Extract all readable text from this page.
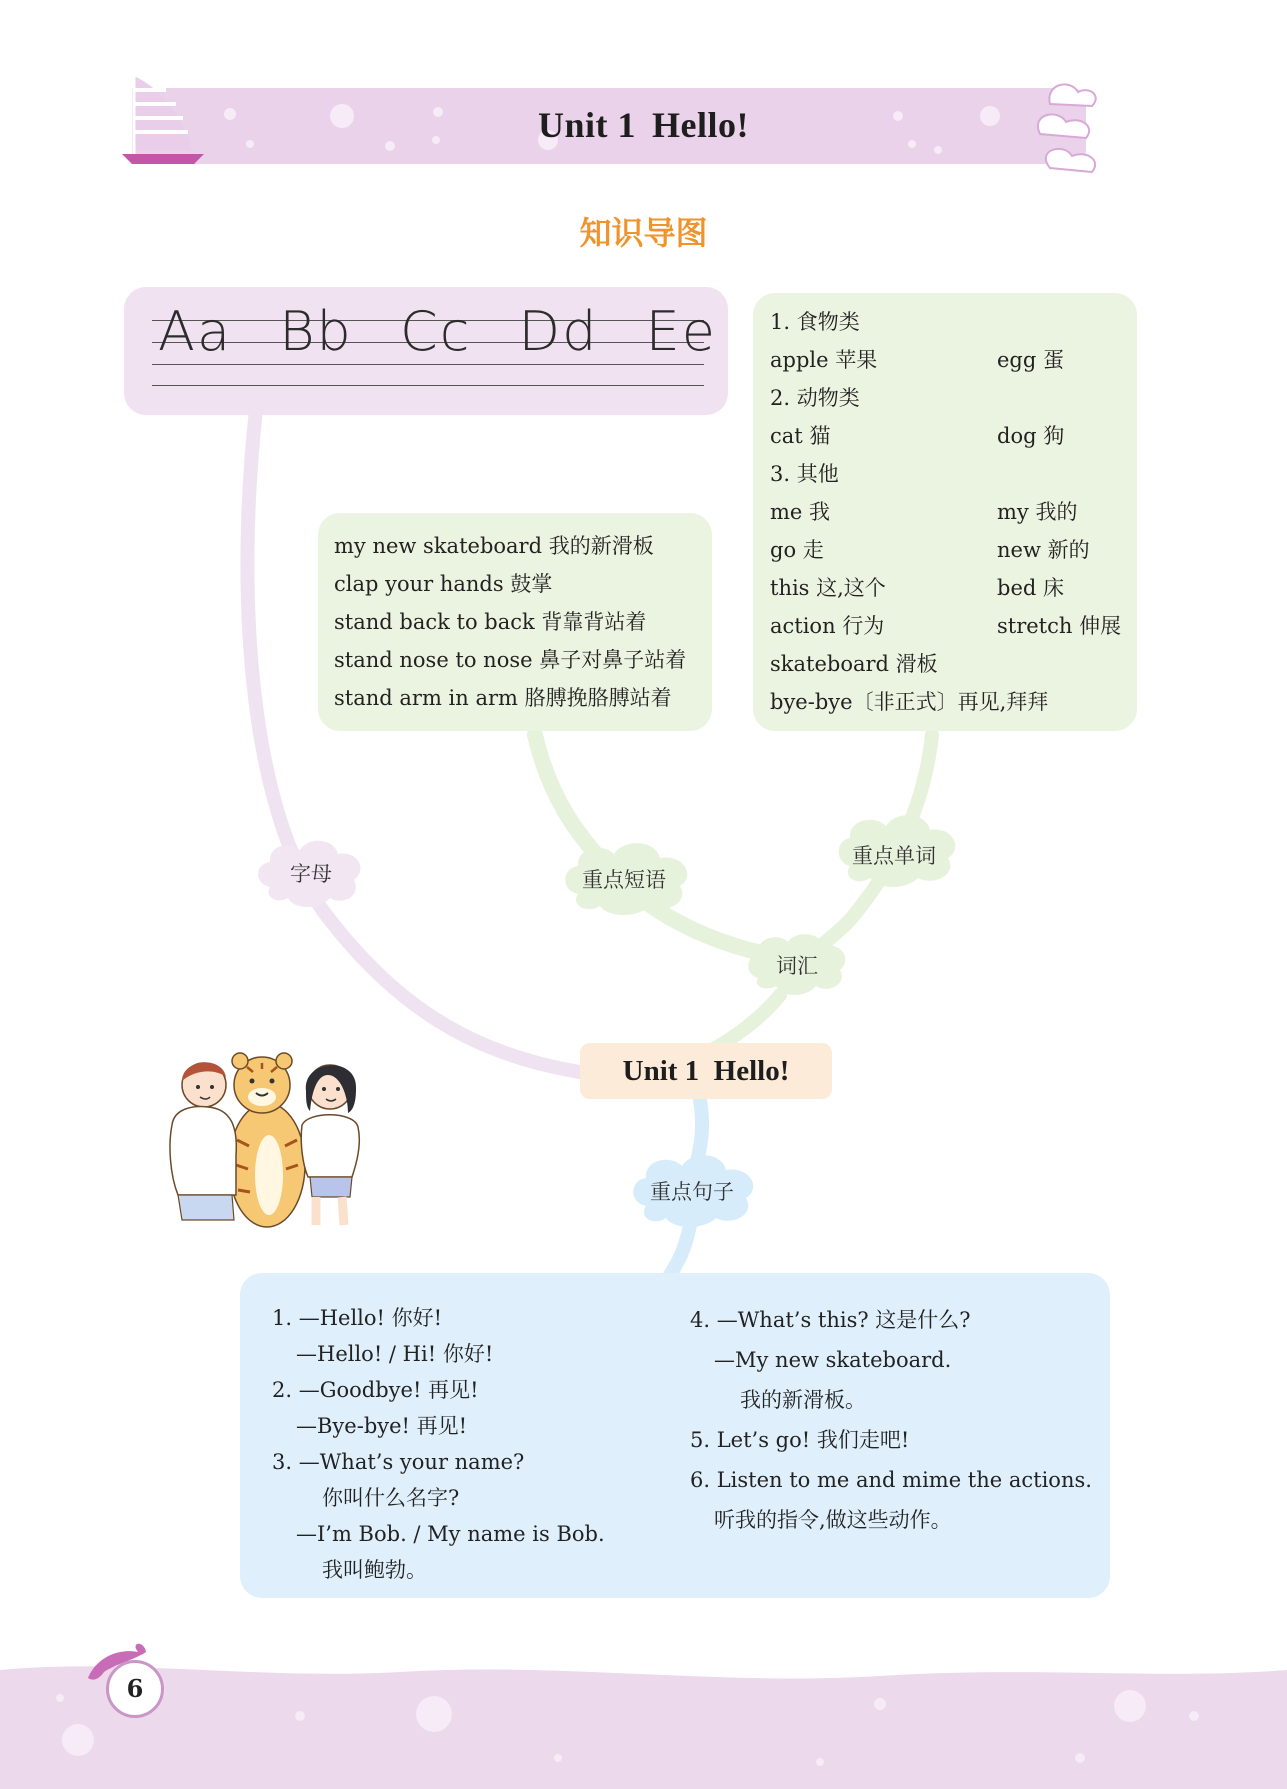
Unit 1 Hello!
知识导图
Aa Bb Cc Dd Ee	1. 食物类
apple 苹果	egg 蛋
2. 动物类
cat 猫	dog 狗
3. 其他
me 我	my 我的
go 走	new 新的
this 这,这个	bed 床
action 行为	stretch 伸展
skateboard 滑板
bye-bye〔非正式〕再见,拜拜
my new skateboard 我的新滑板
clap your hands 鼓掌
stand back to back 背靠背站着
stand nose to nose 鼻子对鼻子站着
stand arm in arm 胳膊挽胳膊站着
字母	重点短语
重点单词
词汇
重点句子
Unit 1 Hello!
1. —Hello! 你好!
—Hello! / Hi! 你好!
2. —Goodbye! 再见!
—Bye-bye! 再见!
3. —What’s your name?
你叫什么名字?
—I’m Bob. / My name is Bob.
我叫鲍勃。
4. —What’s this? 这是什么?
—My new skateboard.
我的新滑板。
5. Let’s go! 我们走吧!
6. Listen to me and mime the actions.
听我的指令,做这些动作。
6
